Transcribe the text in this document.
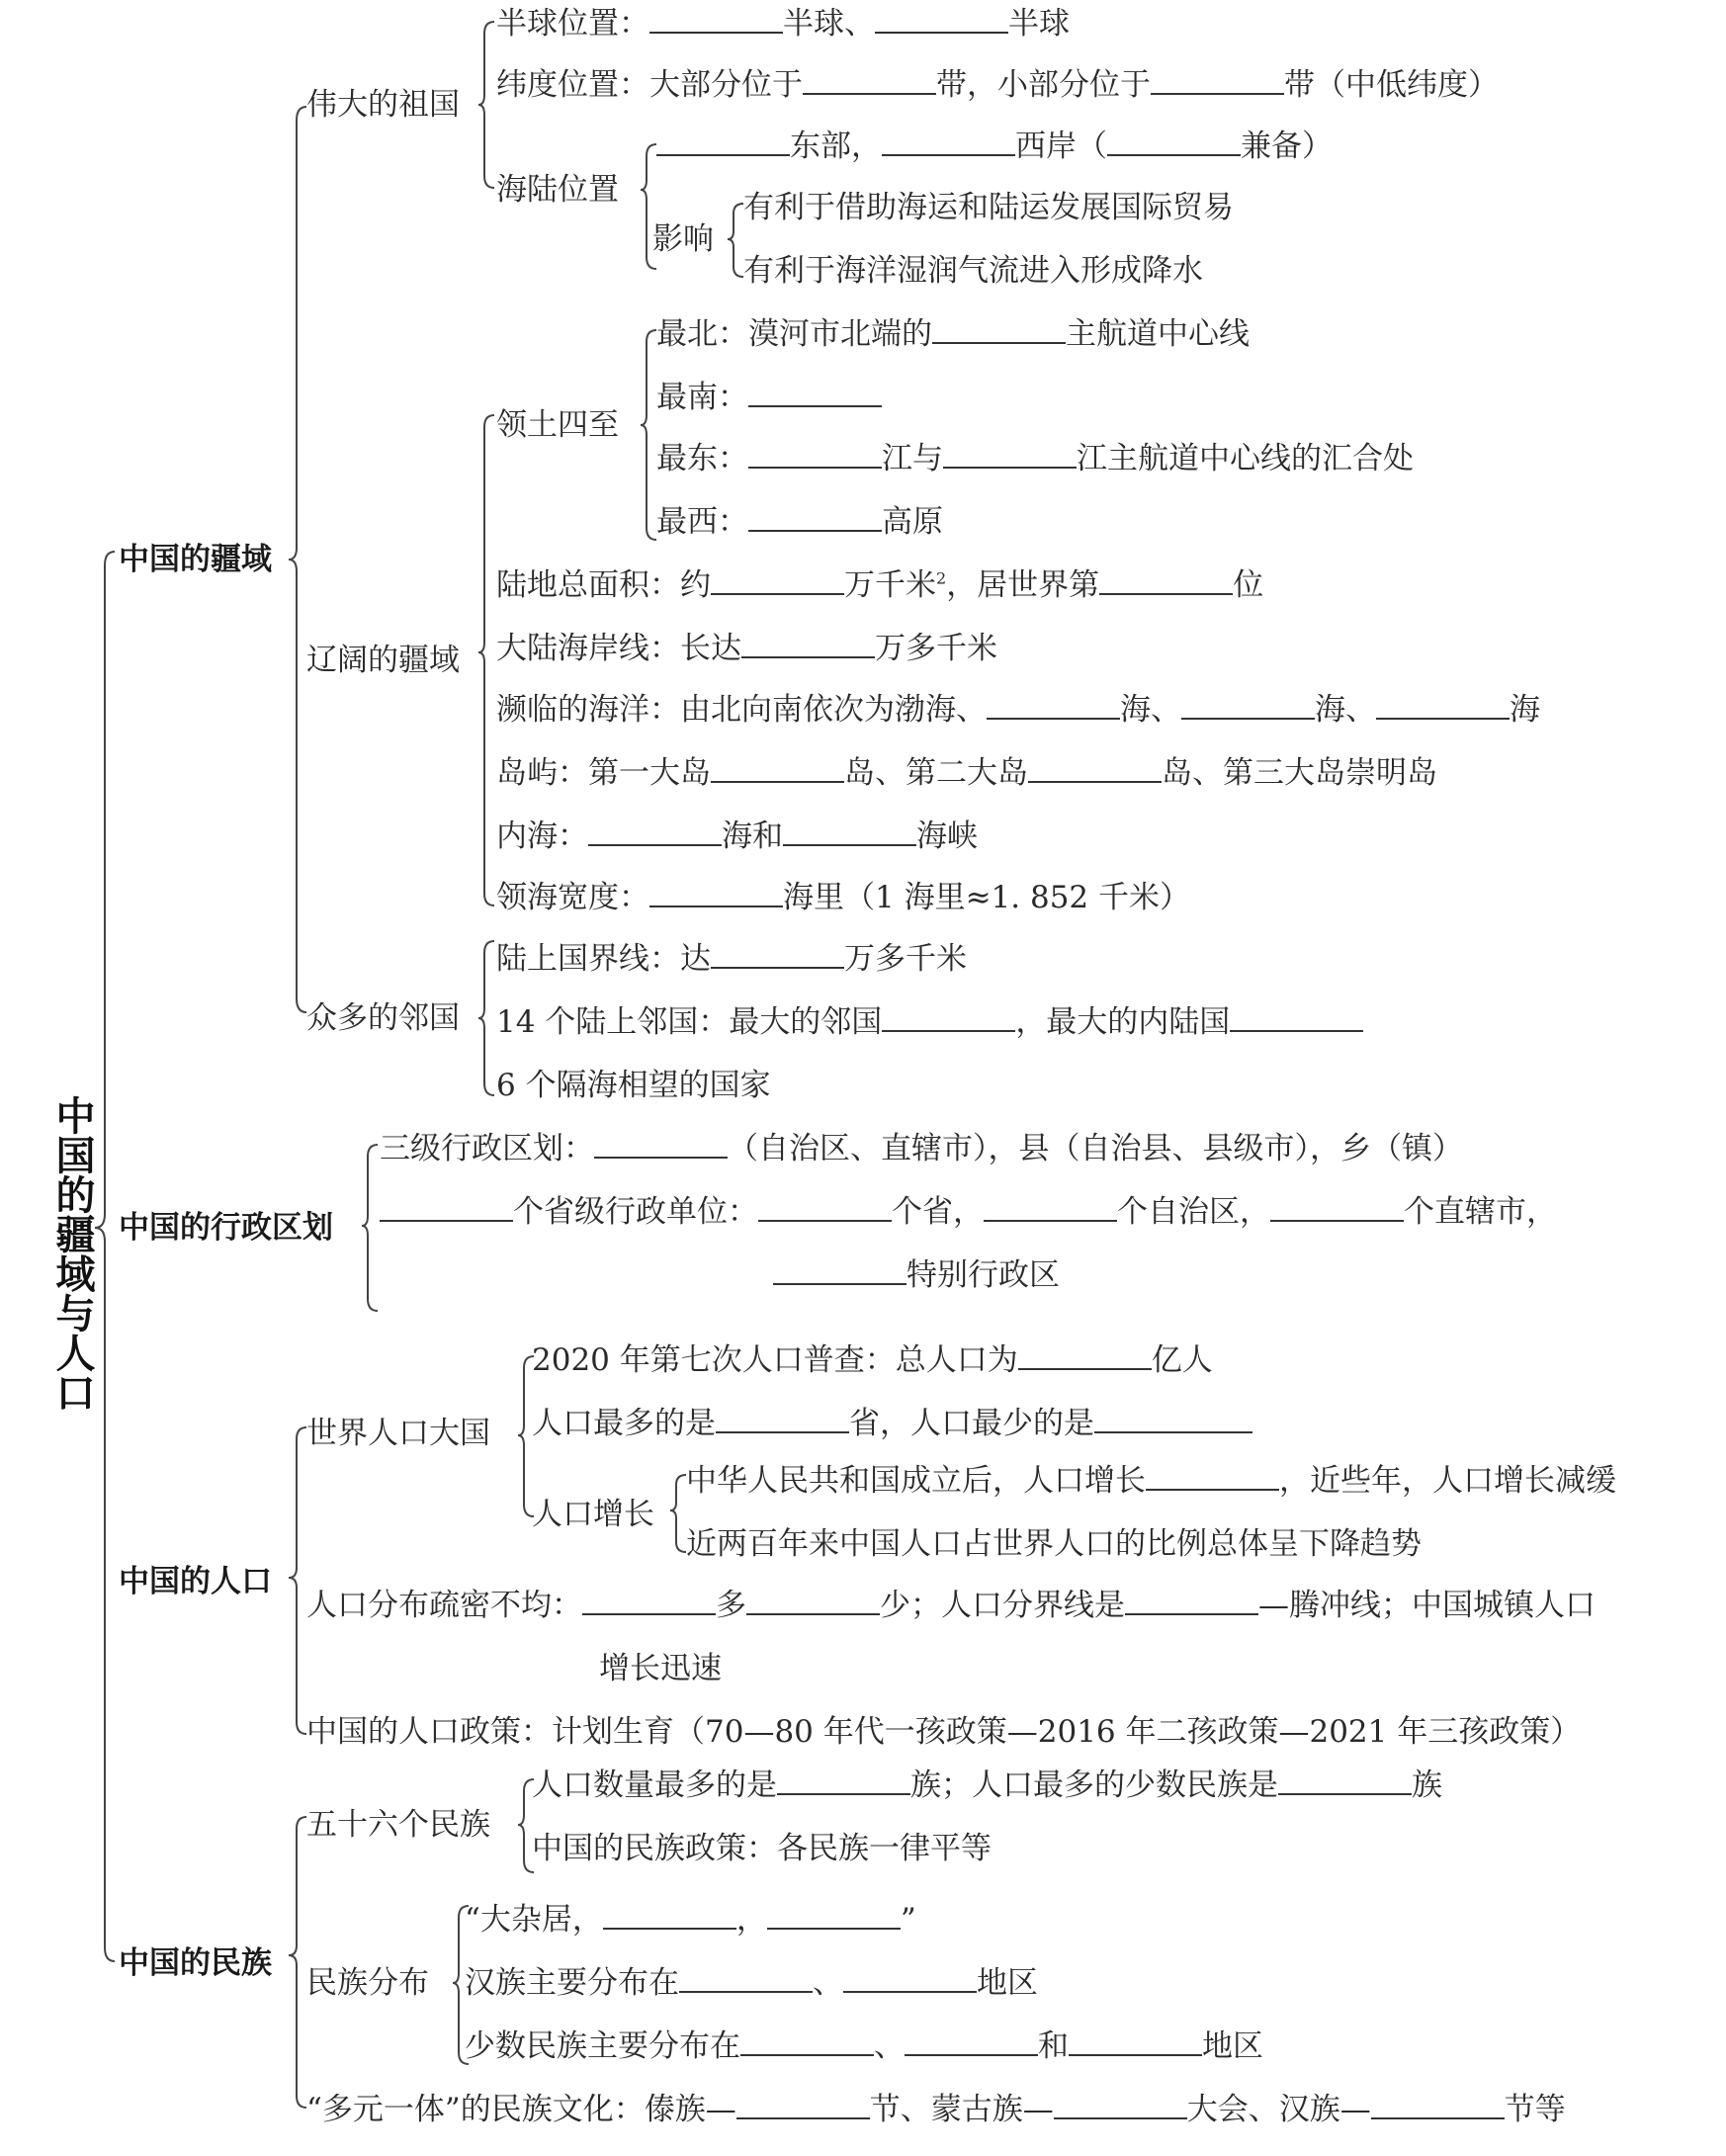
中国的疆域与人口
中国的疆域
伟大的祖国
半球位置：	半球、	半球
纬度位置：大部分位于	带，小部分位于	带（中低纬度）
海陆位置
东部，	西岸（	兼备）
影响
有利于借助海运和陆运发展国际贸易
有利于海洋湿润气流进入形成降水
辽阔的疆域
领土四至
最北：漠河市北端的	主航道中心线
最南：
最东：	江与	江主航道中心线的汇合处
最西：	高原
陆地总面积：约	万千米$^2$，居世界第	位
大陆海岸线：长达	万多千米
濒临的海洋：由北向南依次为渤海、	海、	海、	海
岛屿：第一大岛	岛、第二大岛	岛、第三大岛崇明岛
内海：	海和	海峡
领海宽度：	海里（1 海里≈1. 852 千米）
众多的邻国
陆上国界线：达	万多千米
14 个陆上邻国：最大的邻国	，最大的内陆国
6 个隔海相望的国家
中国的行政区划
三级行政区划：	（自治区、直辖市），县（自治县、县级市），乡（镇）
个省级行政单位：	个省，	个自治区，	个直辖市，
特别行政区
中国的人口
世界人口大国
2020 年第七次人口普查：总人口为	亿人
人口最多的是	省，人口最少的是
人口增长
中华人民共和国成立后，人口增长	，近些年，人口增长减缓
近两百年来中国人口占世界人口的比例总体呈下降趋势
人口分布疏密不均：	多	少；人口分界线是	—腾冲线；中国城镇人口
增长迅速
中国的人口政策：计划生育（70—80 年代一孩政策—2016 年二孩政策—2021 年三孩政策）
中国的民族
五十六个民族
人口数量最多的是	族；人口最多的少数民族是	族
中国的民族政策：各民族一律平等
民族分布
“大杂居，	，	”
汉族主要分布在	、	地区
少数民族主要分布在	、	和	地区
“多元一体”的民族文化：傣族—	节、蒙古族—	大会、汉族—	节等
